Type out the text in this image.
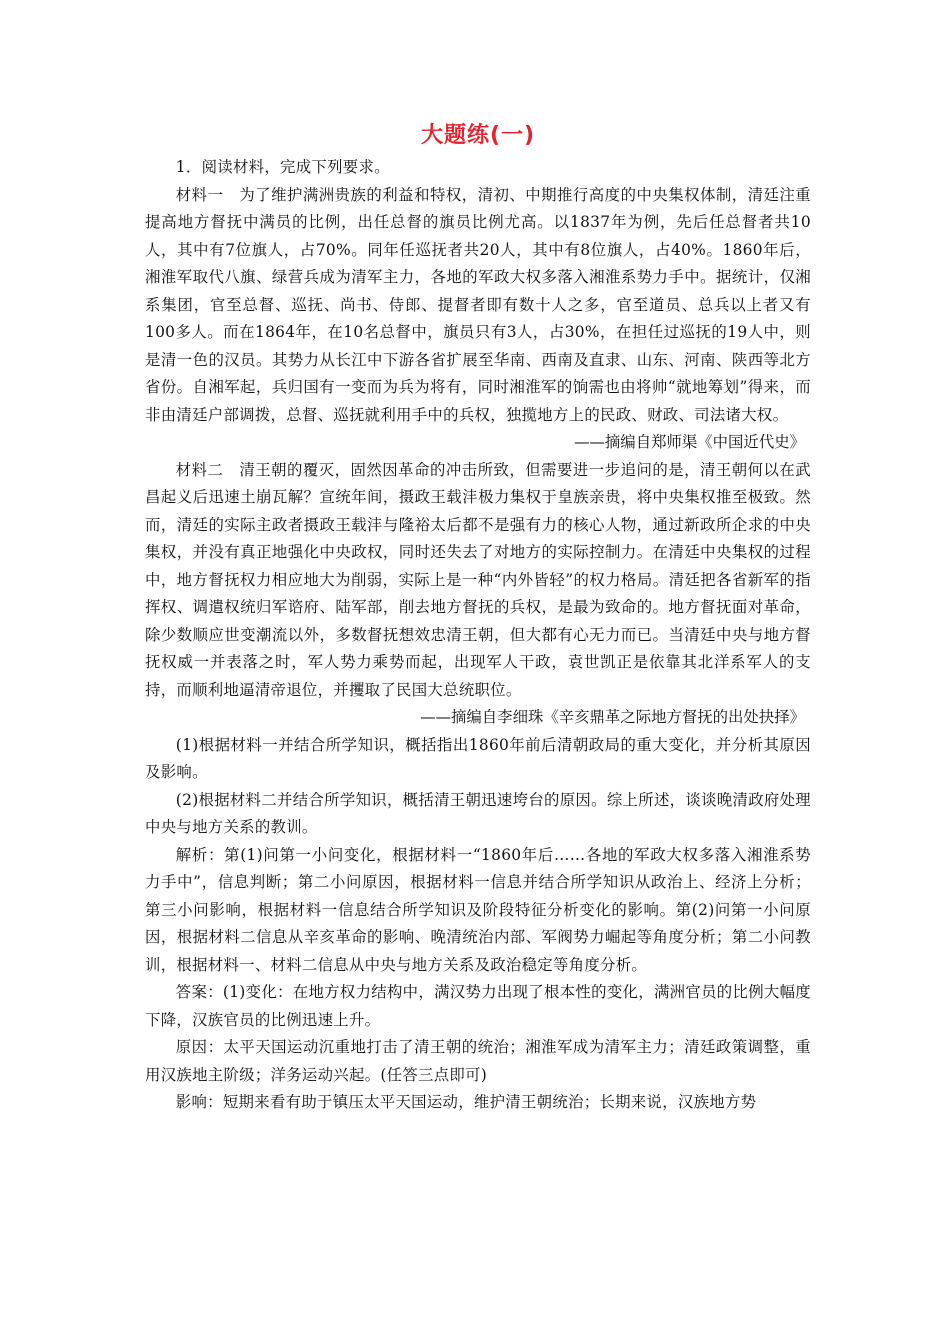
大题练(一)

1．阅读材料，完成下列要求。

材料一　为了维护满洲贵族的利益和特权，清初、中期推行高度的中央集权体制，清廷注重提高地方督抚中满员的比例，出任总督的旗员比例尤高。以1837年为例，先后任总督者共10人，其中有7位旗人，占70%。同年任巡抚者共20人，其中有8位旗人，占40%。1860年后，湘淮军取代八旗、绿营兵成为清军主力，各地的军政大权多落入湘淮系势力手中。据统计，仅湘系集团，官至总督、巡抚、尚书、侍郎、提督者即有数十人之多，官至道员、总兵以上者又有100多人。而在1864年，在10名总督中，旗员只有3人，占30%，在担任过巡抚的19人中，则是清一色的汉员。其势力从长江中下游各省扩展至华南、西南及直隶、山东、河南、陕西等北方省份。自湘军起，兵归国有一变而为兵为将有，同时湘淮军的饷需也由将帅“就地筹划”得来，而非由清廷户部调拨，总督、巡抚就利用手中的兵权，独揽地方上的民政、财政、司法诸大权。

——摘编自郑师渠《中国近代史》

材料二　清王朝的覆灭，固然因革命的冲击所致，但需要进一步追问的是，清王朝何以在武昌起义后迅速土崩瓦解？宣统年间，摄政王载沣极力集权于皇族亲贵，将中央集权推至极致。然而，清廷的实际主政者摄政王载沣与隆裕太后都不是强有力的核心人物，通过新政所企求的中央集权，并没有真正地强化中央政权，同时还失去了对地方的实际控制力。在清廷中央集权的过程中，地方督抚权力相应地大为削弱，实际上是一种“内外皆轻”的权力格局。清廷把各省新军的指挥权、调遣权统归军谘府、陆军部，削去地方督抚的兵权，是最为致命的。地方督抚面对革命，除少数顺应世变潮流以外，多数督抚想效忠清王朝，但大都有心无力而已。当清廷中央与地方督抚权威一并表落之时，军人势力乘势而起，出现军人干政，袁世凯正是依靠其北洋系军人的支持，而顺利地逼清帝退位，并攫取了民国大总统职位。

——摘编自李细珠《辛亥鼎革之际地方督抚的出处抉择》

(1)根据材料一并结合所学知识，概括指出1860年前后清朝政局的重大变化，并分析其原因及影响。

(2)根据材料二并结合所学知识，概括清王朝迅速垮台的原因。综上所述，谈谈晚清政府处理中央与地方关系的教训。

解析：第(1)问第一小问变化，根据材料一“1860年后……各地的军政大权多落入湘淮系势力手中”，信息判断；第二小问原因，根据材料一信息并结合所学知识从政治上、经济上分析；第三小问影响，根据材料一信息结合所学知识及阶段特征分析变化的影响。第(2)问第一小问原因，根据材料二信息从辛亥革命的影响、晚清统治内部、军阀势力崛起等角度分析；第二小问教训，根据材料一、材料二信息从中央与地方关系及政治稳定等角度分析。

答案：(1)变化：在地方权力结构中，满汉势力出现了根本性的变化，满洲官员的比例大幅度下降，汉族官员的比例迅速上升。

原因：太平天国运动沉重地打击了清王朝的统治；湘淮军成为清军主力；清廷政策调整，重用汉族地主阶级；洋务运动兴起。(任答三点即可)

影响：短期来看有助于镇压太平天国运动，维护清王朝统治；长期来说，汉族地方势
